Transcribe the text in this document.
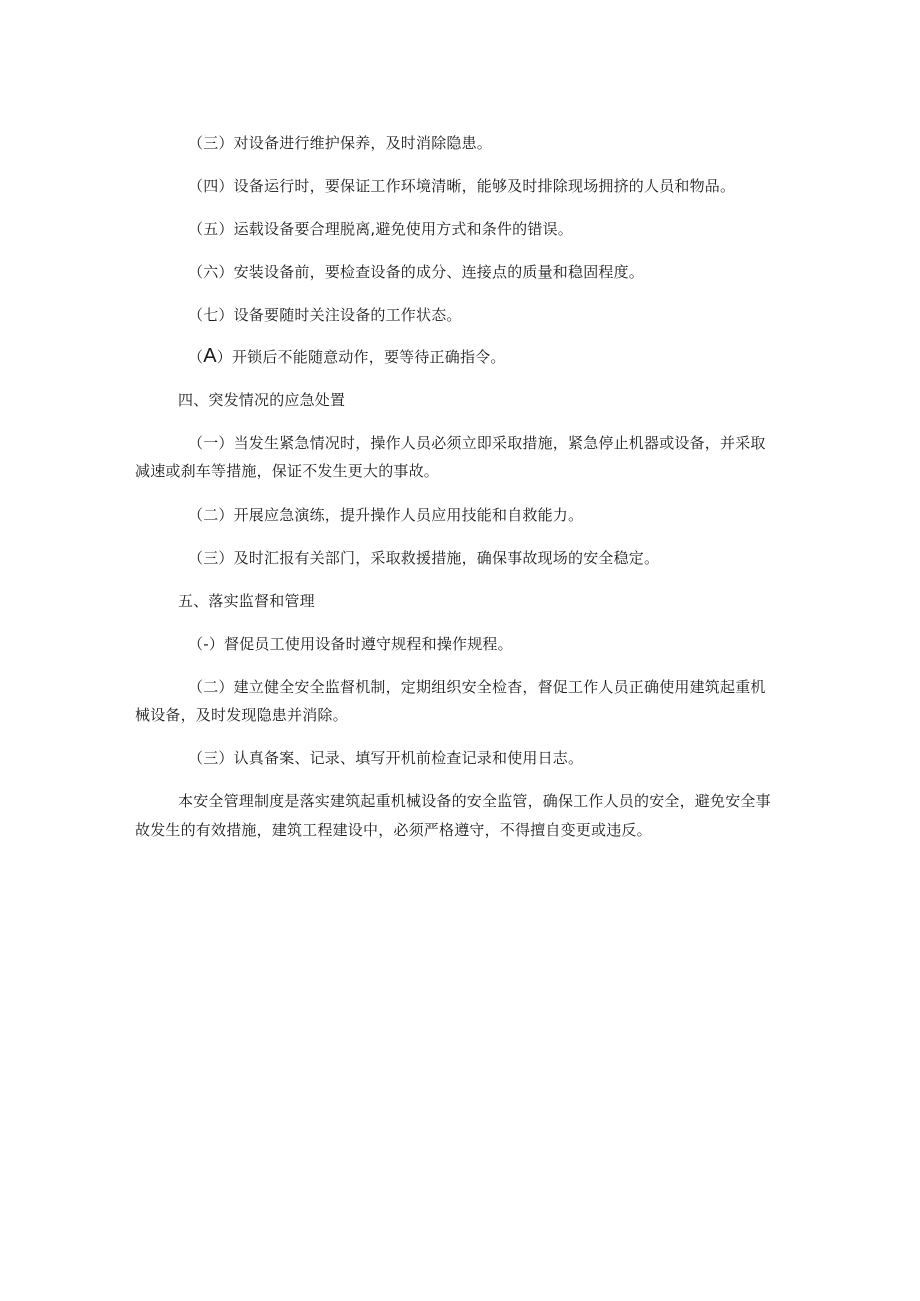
（三）对设备进行维护保养，及时消除隐患。
（四）设备运行时，要保证工作环境清晰，能够及时排除现场拥挤的人员和物品。
（五）运载设备要合理脱离,避免使用方式和条件的错误。
（六）安装设备前，要检查设备的成分、连接点的质量和稳固程度。
（七）设备要随时关注设备的工作状态。
（A）开锁后不能随意动作，要等待正确指令。
四、突发情况的应急处置
（一）当发生紧急情况时，操作人员必须立即采取措施，紧急停止机器或设备，并采取
减速或刹车等措施，保证不发生更大的事故。
（二）开展应急演练，提升操作人员应用技能和自救能力。
（三）及时汇报有关部门，采取救援措施，确保事故现场的安全稳定。
五、落实监督和管理
（-）督促员工使用设备时遵守规程和操作规程。
（二）建立健全安全监督机制，定期组织安全检杳，督促工作人员正确使用建筑起重机
械设备，及时发现隐患并消除。
（三）认真备案、记录、填写开机前检查记录和使用日志。
本安全管理制度是落实建筑起重机械设备的安全监管，确保工作人员的安全，避免安全事
故发生的有效措施，建筑工程建设中，必须严格遵守，不得擅自变更或违反。
